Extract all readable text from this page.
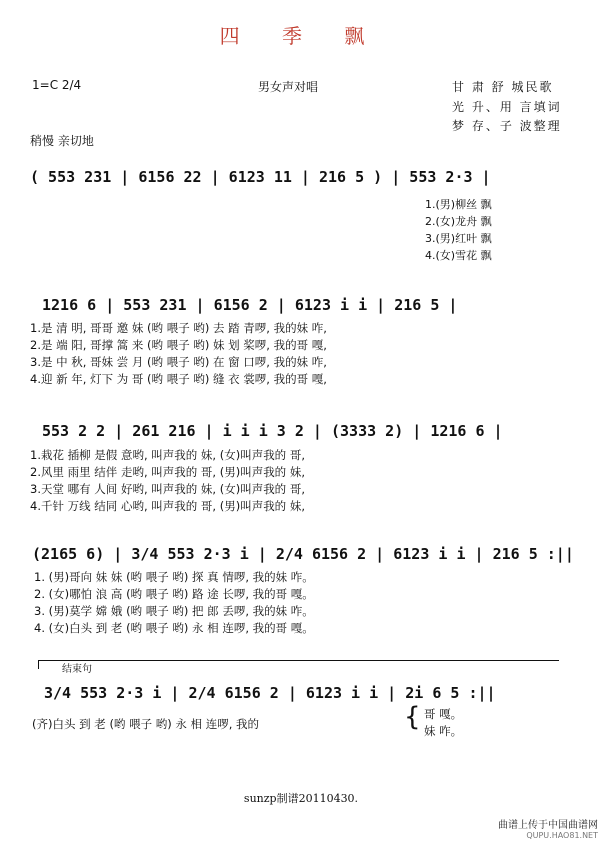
四 季 飘
1=C 2/4	男女声对唱	甘 肃 舒 城民歌
光 升、用 言填词
梦 存、子 波整理
稍慢 亲切地
( 553 231 | 6156 22 | 6123 11 | 216 5 ) | 553 2·3 |
1.(男)柳丝 飘
2.(女)龙舟 飘
3.(男)红叶 飘
4.(女)雪花 飘
1216 6 | 553 231 | 6156 2 | 6123 i i | 216 5 |
1.是 清 明, 哥哥 邀 妹 (哟 喂子 哟) 去 踏 青啰, 我的妹 咋,
2.是 端 阳, 哥撑 篙 来 (哟 喂子 哟) 妹 划 桨啰, 我的哥 嘎,
3.是 中 秋, 哥妹 尝 月 (哟 喂子 哟) 在 窗 口啰, 我的妹 咋,
4.迎 新 年, 灯下 为 哥 (哟 喂子 哟) 缝 衣 裳啰, 我的哥 嘎,
553 2 2 | 261 216 | i i i 3 2 | (3333 2) | 1216 6 |
1.栽花 插柳 是假 意哟, 叫声我的 妹, (女)叫声我的 哥,
2.风里 雨里 结伴 走哟, 叫声我的 哥, (男)叫声我的 妹,
3.天堂 哪有 人间 好哟, 叫声我的 妹, (女)叫声我的 哥,
4.千针 万线 结同 心哟, 叫声我的 哥, (男)叫声我的 妹,
(2165 6) | 3/4 553 2·3 i | 2/4 6156 2 | 6123 i i | 216 5 :||
1. (男)哥向 妹 妹 (哟 喂子 哟) 探 真 情啰, 我的妹 咋。
2. (女)哪怕 浪 高 (哟 喂子 哟) 路 途 长啰, 我的哥 嘎。
3. (男)莫学 嫦 娥 (哟 喂子 哟) 把 郎 丢啰, 我的妹 咋。
4. (女)白头 到 老 (哟 喂子 哟) 永 相 连啰, 我的哥 嘎。
结束句
3/4 553 2·3 i | 2/4 6156 2 | 6123 i i | 2i 6 5 :||
(齐)白头 到 老 (哟 喂子 哟) 永 相 连啰, 我的	{ 哥 嘎。
妹 咋。
sunzp制谱20110430.
曲谱上传于中国曲谱网
QUPU.HAO81.NET
